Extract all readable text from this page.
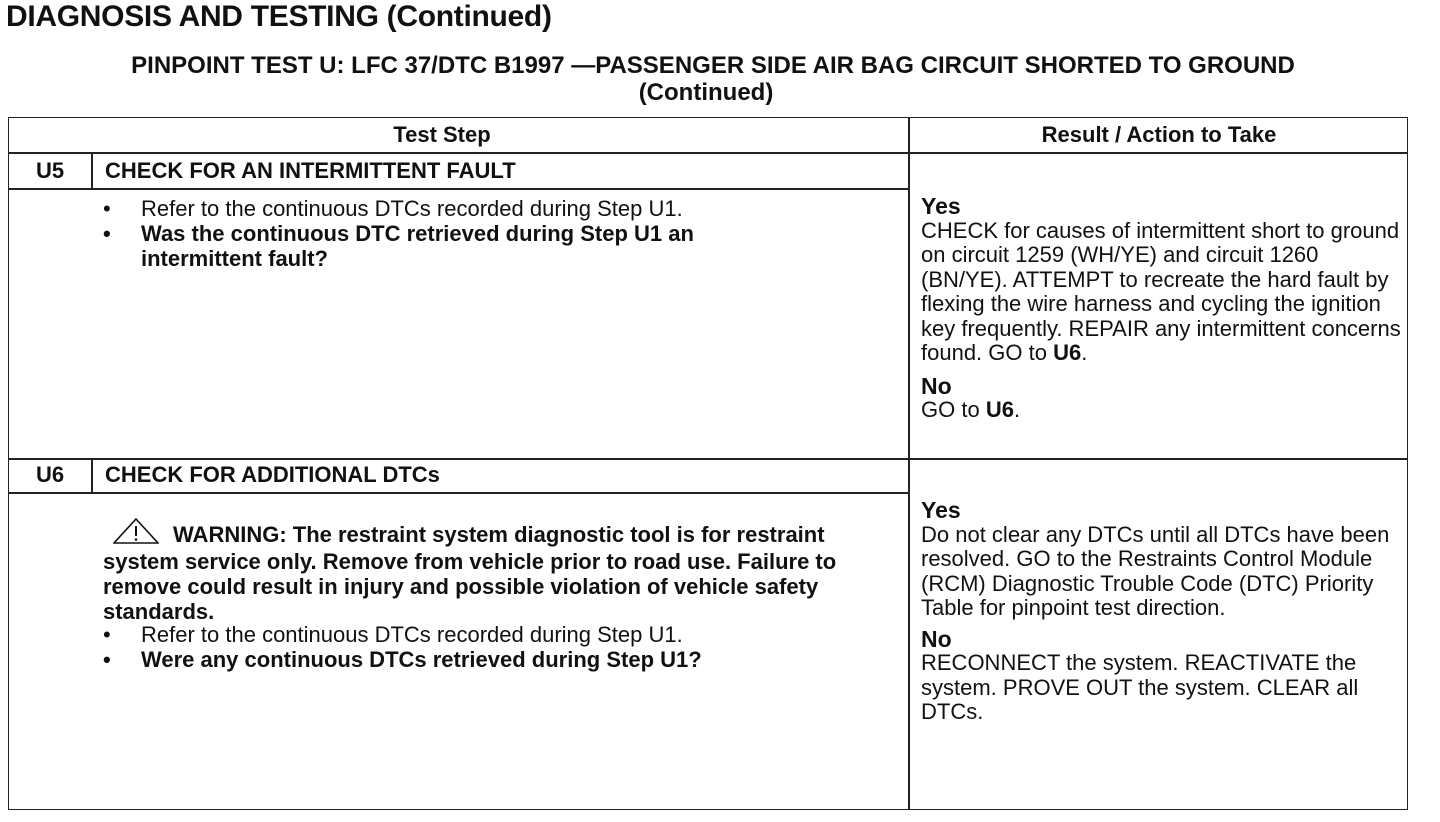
DIAGNOSIS AND TESTING (Continued)
PINPOINT TEST U: LFC 37/DTC B1997 —PASSENGER SIDE AIR BAG CIRCUIT SHORTED TO GROUND
(Continued)
Test Step	Result / Action to Take
U5	CHECK FOR AN INTERMITTENT FAULT
• Refer to the continuous DTCs recorded during Step U1.
• Was the continuous DTC retrieved during Step U1 an intermittent fault?
Yes

CHECK for causes of intermittent short to ground on circuit 1259 (WH/YE) and circuit 1260 (BN/YE). ATTEMPT to recreate the hard fault by flexing the wire harness and cycling the ignition key frequently. REPAIR any intermittent concerns found. GO to U6.

No

GO to U6.

U6	CHECK FOR ADDITIONAL DTCs
WARNING: The restraint system diagnostic tool is for restraint system service only. Remove from vehicle prior to road use. Failure to remove could result in injury and possible violation of vehicle safety standards.
• Refer to the continuous DTCs recorded during Step U1.
• Were any continuous DTCs retrieved during Step U1?
Yes

Do not clear any DTCs until all DTCs have been resolved. GO to the Restraints Control Module (RCM) Diagnostic Trouble Code (DTC) Priority Table for pinpoint test direction.

No

RECONNECT the system. REACTIVATE the system. PROVE OUT the system. CLEAR all DTCs.
